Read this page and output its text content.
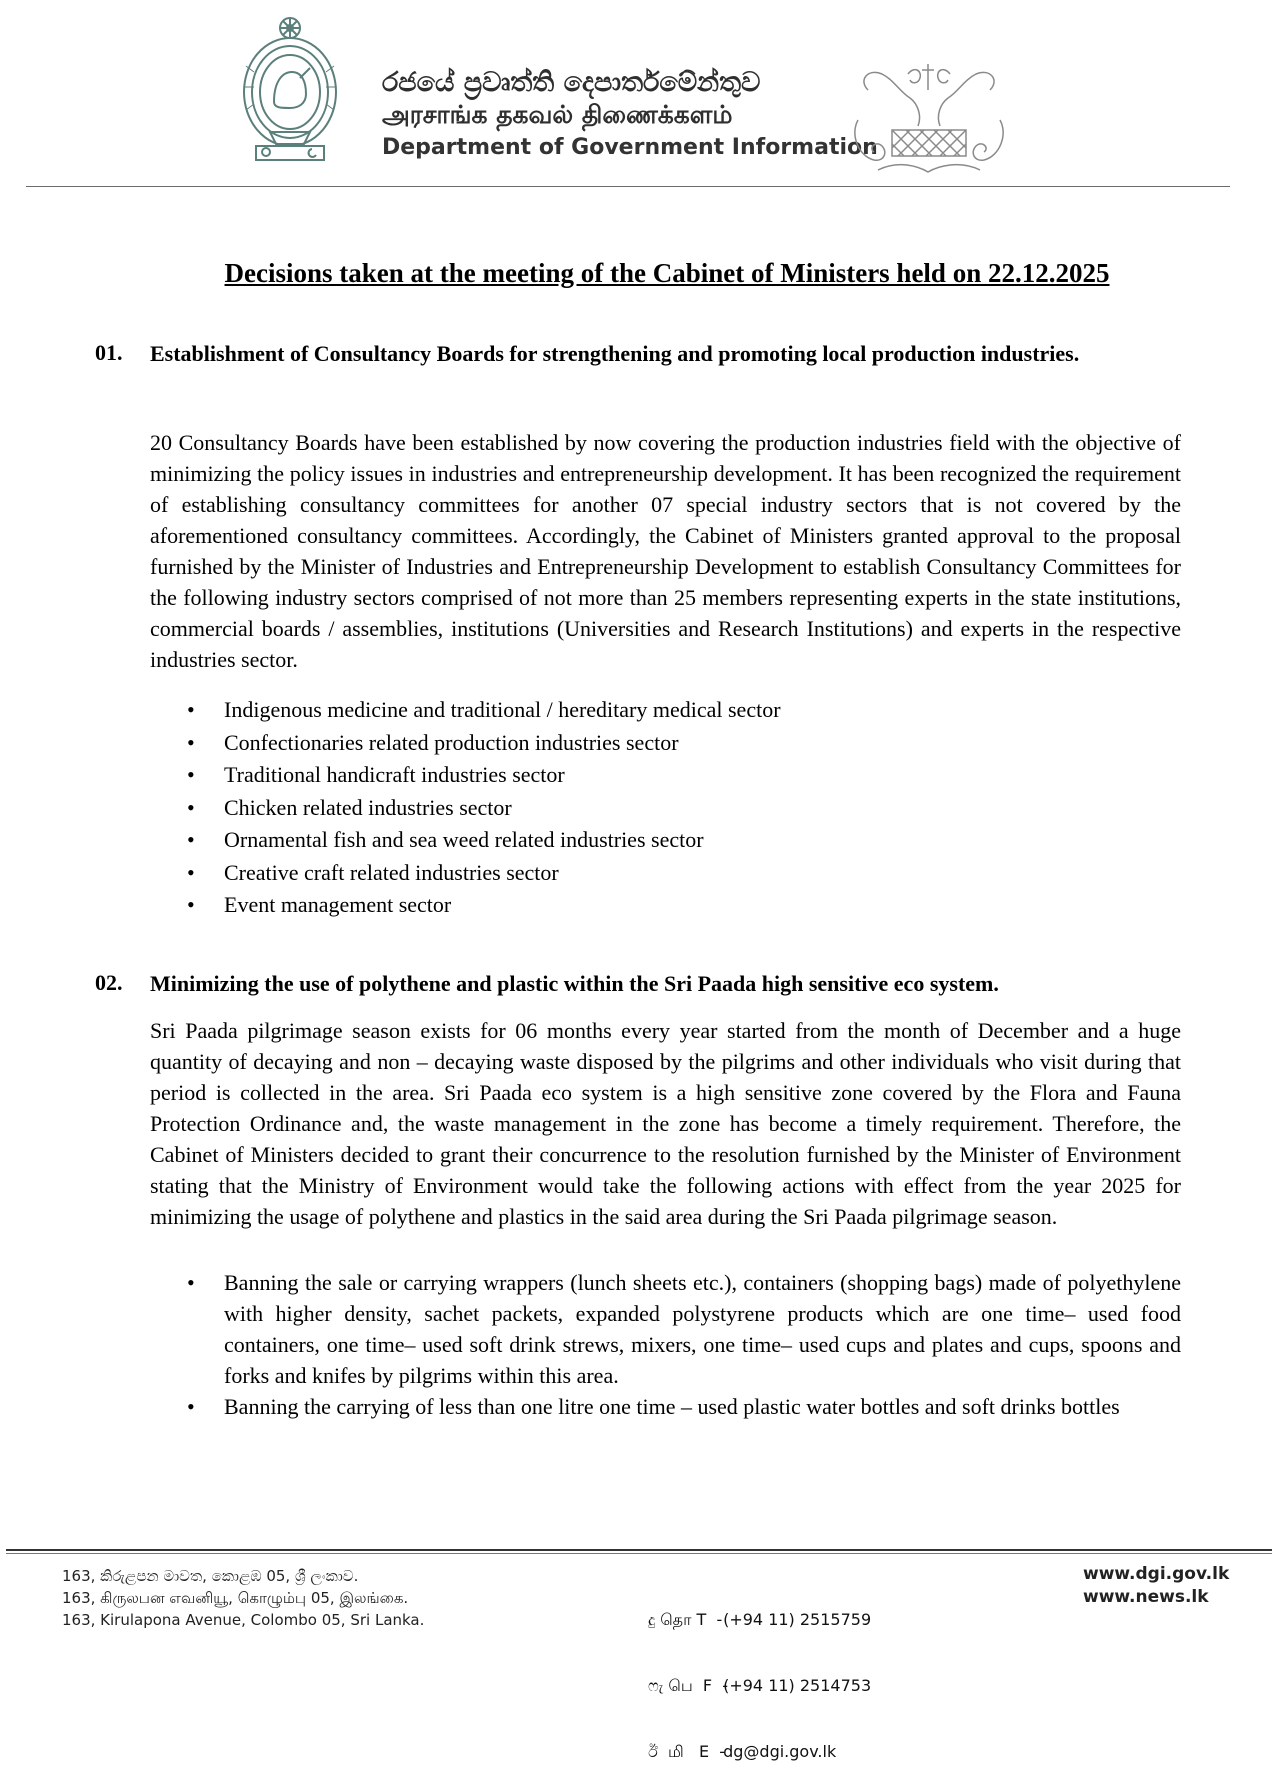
රජයේ ප්‍රවෘත්ති දෙපාර්තමේන්තුව
அரசாங்க தகவல் திணைக்களம்
Department of Government Information
Decisions taken at the meeting of the Cabinet of Ministers held on 22.12.2025
01. Establishment of Consultancy Boards for strengthening and promoting local production industries.

20 Consultancy Boards have been established by now covering the production industries field with the objective of minimizing the policy issues in industries and entrepreneurship development. It has been recognized the requirement of establishing consultancy committees for another 07 special industry sectors that is not covered by the aforementioned consultancy committees. Accordingly, the Cabinet of Ministers granted approval to the proposal furnished by the Minister of Industries and Entrepreneurship Development to establish Consultancy Committees for the following industry sectors comprised of not more than 25 members representing experts in the state institutions, commercial boards / assemblies, institutions (Universities and Research Institutions) and experts in the respective industries sector.

• Indigenous medicine and traditional / hereditary medical sector
• Confectionaries related production industries sector
• Traditional handicraft industries sector
• Chicken related industries sector
• Ornamental fish and sea weed related industries sector
• Creative craft related industries sector
• Event management sector
02. Minimizing the use of polythene and plastic within the Sri Paada high sensitive eco system.

Sri Paada pilgrimage season exists for 06 months every year started from the month of December and a huge quantity of decaying and non – decaying waste disposed by the pilgrims and other individuals who visit during that period is collected in the area. Sri Paada eco system is a high sensitive zone covered by the Flora and Fauna Protection Ordinance and, the waste management in the zone has become a timely requirement. Therefore, the Cabinet of Ministers decided to grant their concurrence to the resolution furnished by the Minister of Environment stating that the Ministry of Environment would take the following actions with effect from the year 2025 for minimizing the usage of polythene and plastics in the said area during the Sri Paada pilgrimage season.

• Banning the sale or carrying wrappers (lunch sheets etc.), containers (shopping bags) made of polyethylene with higher density, sachet packets, expanded polystyrene products which are one time– used food containers, one time– used soft drink strews, mixers, one time– used cups and plates and cups, spoons and forks and knifes by pilgrims within this area.
• Banning the carrying of less than one litre one time – used plastic water bottles and soft drinks bottles
163, කිරුළපන මාවත, කොළඹ 05, ශ්‍රී ලංකාව.
163, கிருலபன எவனியூ, கொழும்பு 05, இலங்கை.
163, Kirulapona Avenue, Colombo 05, Sri Lanka.

	දු தொ T  - (+94 11) 2515759

ෆැ பெ  F  - (+94 11) 2514753

ඊ  மி   E  - dg@dgi.gov.lk

www.dgi.gov.lk
www.news.lk
